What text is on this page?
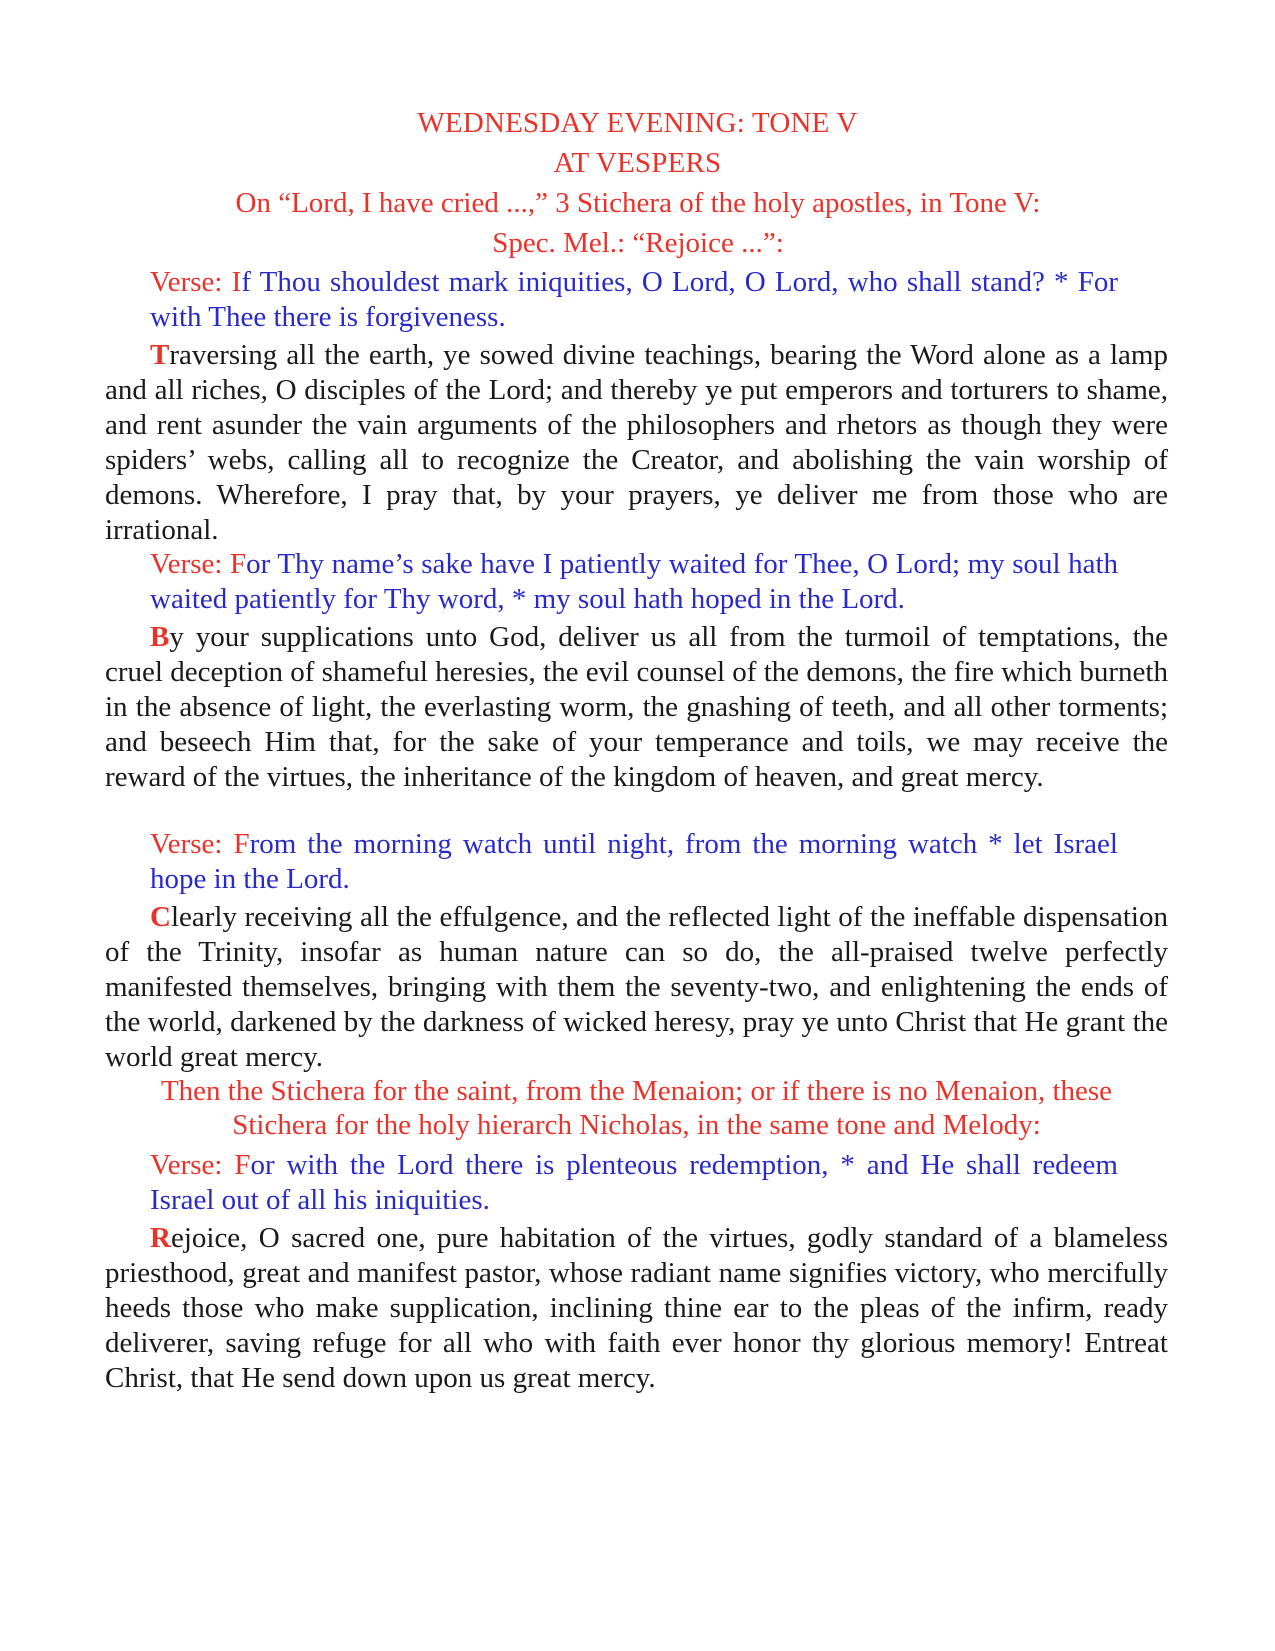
WEDNESDAY EVENING: TONE V
AT VESPERS
On “Lord, I have cried ...,” 3 Stichera of the holy apostles, in Tone V:
Spec. Mel.: “Rejoice ...”:
Verse: If Thou shouldest mark iniquities, O Lord, O Lord, who shall stand? * For with Thee there is forgiveness.
Traversing all the earth, ye sowed divine teachings, bearing the Word alone as a lamp and all riches, O disciples of the Lord; and thereby ye put emperors and torturers to shame, and rent asunder the vain arguments of the philosophers and rhetors as though they were spiders’ webs, calling all to recognize the Creator, and abolishing the vain worship of demons. Wherefore, I pray that, by your prayers, ye deliver me from those who are irrational.
Verse: For Thy name’s sake have I patiently waited for Thee, O Lord; my soul hath waited patiently for Thy word, * my soul hath hoped in the Lord.
By your supplications unto God, deliver us all from the turmoil of temptations, the cruel deception of shameful heresies, the evil counsel of the demons, the fire which burneth in the absence of light, the everlasting worm, the gnashing of teeth, and all other torments; and beseech Him that, for the sake of your temperance and toils, we may receive the reward of the virtues, the inheritance of the kingdom of heaven, and great mercy.
Verse: From the morning watch until night, from the morning watch * let Israel hope in the Lord.
Clearly receiving all the effulgence, and the reflected light of the ineffable dispensation of the Trinity, insofar as human nature can so do, the all-praised twelve perfectly manifested themselves, bringing with them the seventy-two, and enlightening the ends of the world, darkened by the darkness of wicked heresy, pray ye unto Christ that He grant the world great mercy.
Then the Stichera for the saint, from the Menaion; or if there is no Menaion, these
Stichera for the holy hierarch Nicholas, in the same tone and Melody:
Verse: For with the Lord there is plenteous redemption, * and He shall redeem Israel out of all his iniquities.
Rejoice, O sacred one, pure habitation of the virtues, godly standard of a blameless priesthood, great and manifest pastor, whose radiant name signifies victory, who mercifully heeds those who make supplication, inclining thine ear to the pleas of the infirm, ready deliverer, saving refuge for all who with faith ever honor thy glorious memory! Entreat Christ, that He send down upon us great mercy.
